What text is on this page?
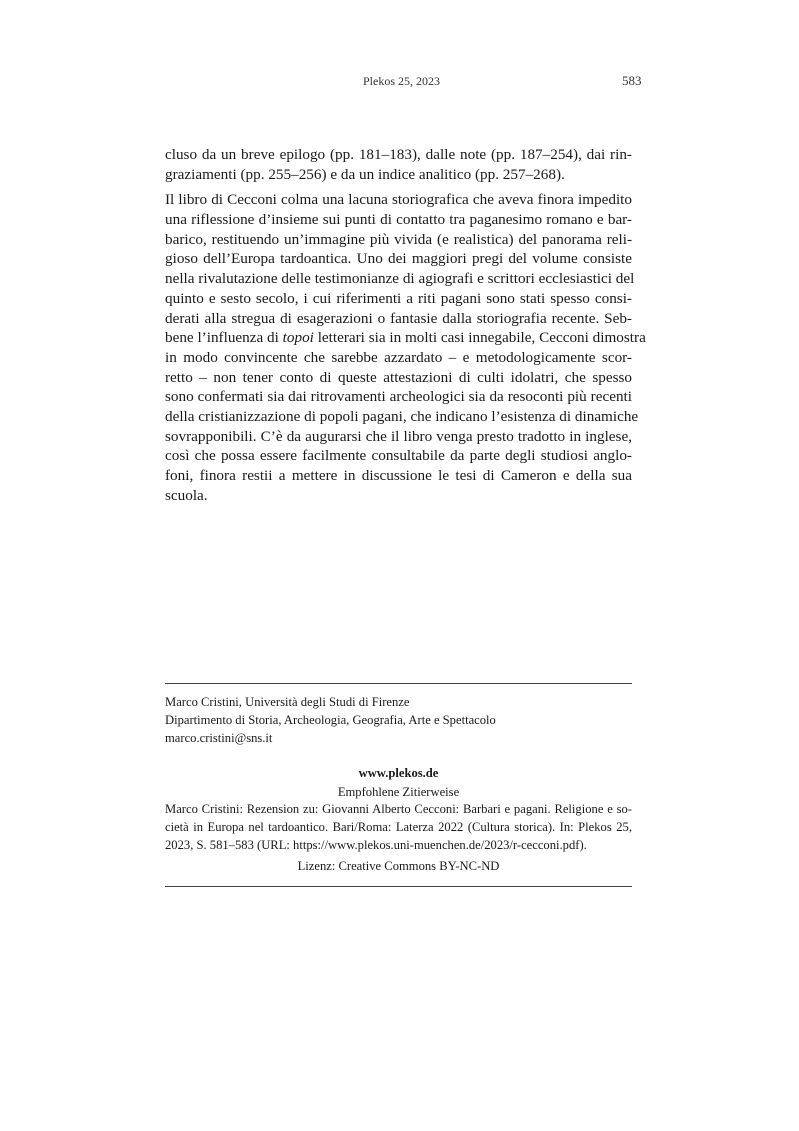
Plekos 25, 2023	583
cluso da un breve epilogo (pp. 181–183), dalle note (pp. 187–254), dai rin-
graziamenti (pp. 255–256) e da un indice analitico (pp. 257–268).
Il libro di Cecconi colma una lacuna storiografica che aveva finora impedito
una riflessione d’insieme sui punti di contatto tra paganesimo romano e bar-
barico, restituendo un’immagine più vivida (e realistica) del panorama reli-
gioso dell’Europa tardoantica. Uno dei maggiori pregi del volume consiste
nella rivalutazione delle testimonianze di agiografi e scrittori ecclesiastici del
quinto e sesto secolo, i cui riferimenti a riti pagani sono stati spesso consi-
derati alla stregua di esagerazioni o fantasie dalla storiografia recente. Seb-
bene l’influenza di topoi letterari sia in molti casi innegabile, Cecconi dimostra
in modo convincente che sarebbe azzardato – e metodologicamente scor-
retto – non tener conto di queste attestazioni di culti idolatri, che spesso
sono confermati sia dai ritrovamenti archeologici sia da resoconti più recenti
della cristianizzazione di popoli pagani, che indicano l’esistenza di dinamiche
sovrapponibili. C’è da augurarsi che il libro venga presto tradotto in inglese,
così che possa essere facilmente consultabile da parte degli studiosi anglo-
foni, finora restii a mettere in discussione le tesi di Cameron e della sua
scuola.
Marco Cristini, Università degli Studi di Firenze
Dipartimento di Storia, Archeologia, Geografia, Arte e Spettacolo
marco.cristini@sns.it
www.plekos.de
Empfohlene Zitierweise
Marco Cristini: Rezension zu: Giovanni Alberto Cecconi: Barbari e pagani. Religione e so-
cietà in Europa nel tardoantico. Bari/Roma: Laterza 2022 (Cultura storica). In: Plekos 25,
2023, S. 581–583 (URL: https://www.plekos.uni-muenchen.de/2023/r-cecconi.pdf).
Lizenz: Creative Commons BY-NC-ND
